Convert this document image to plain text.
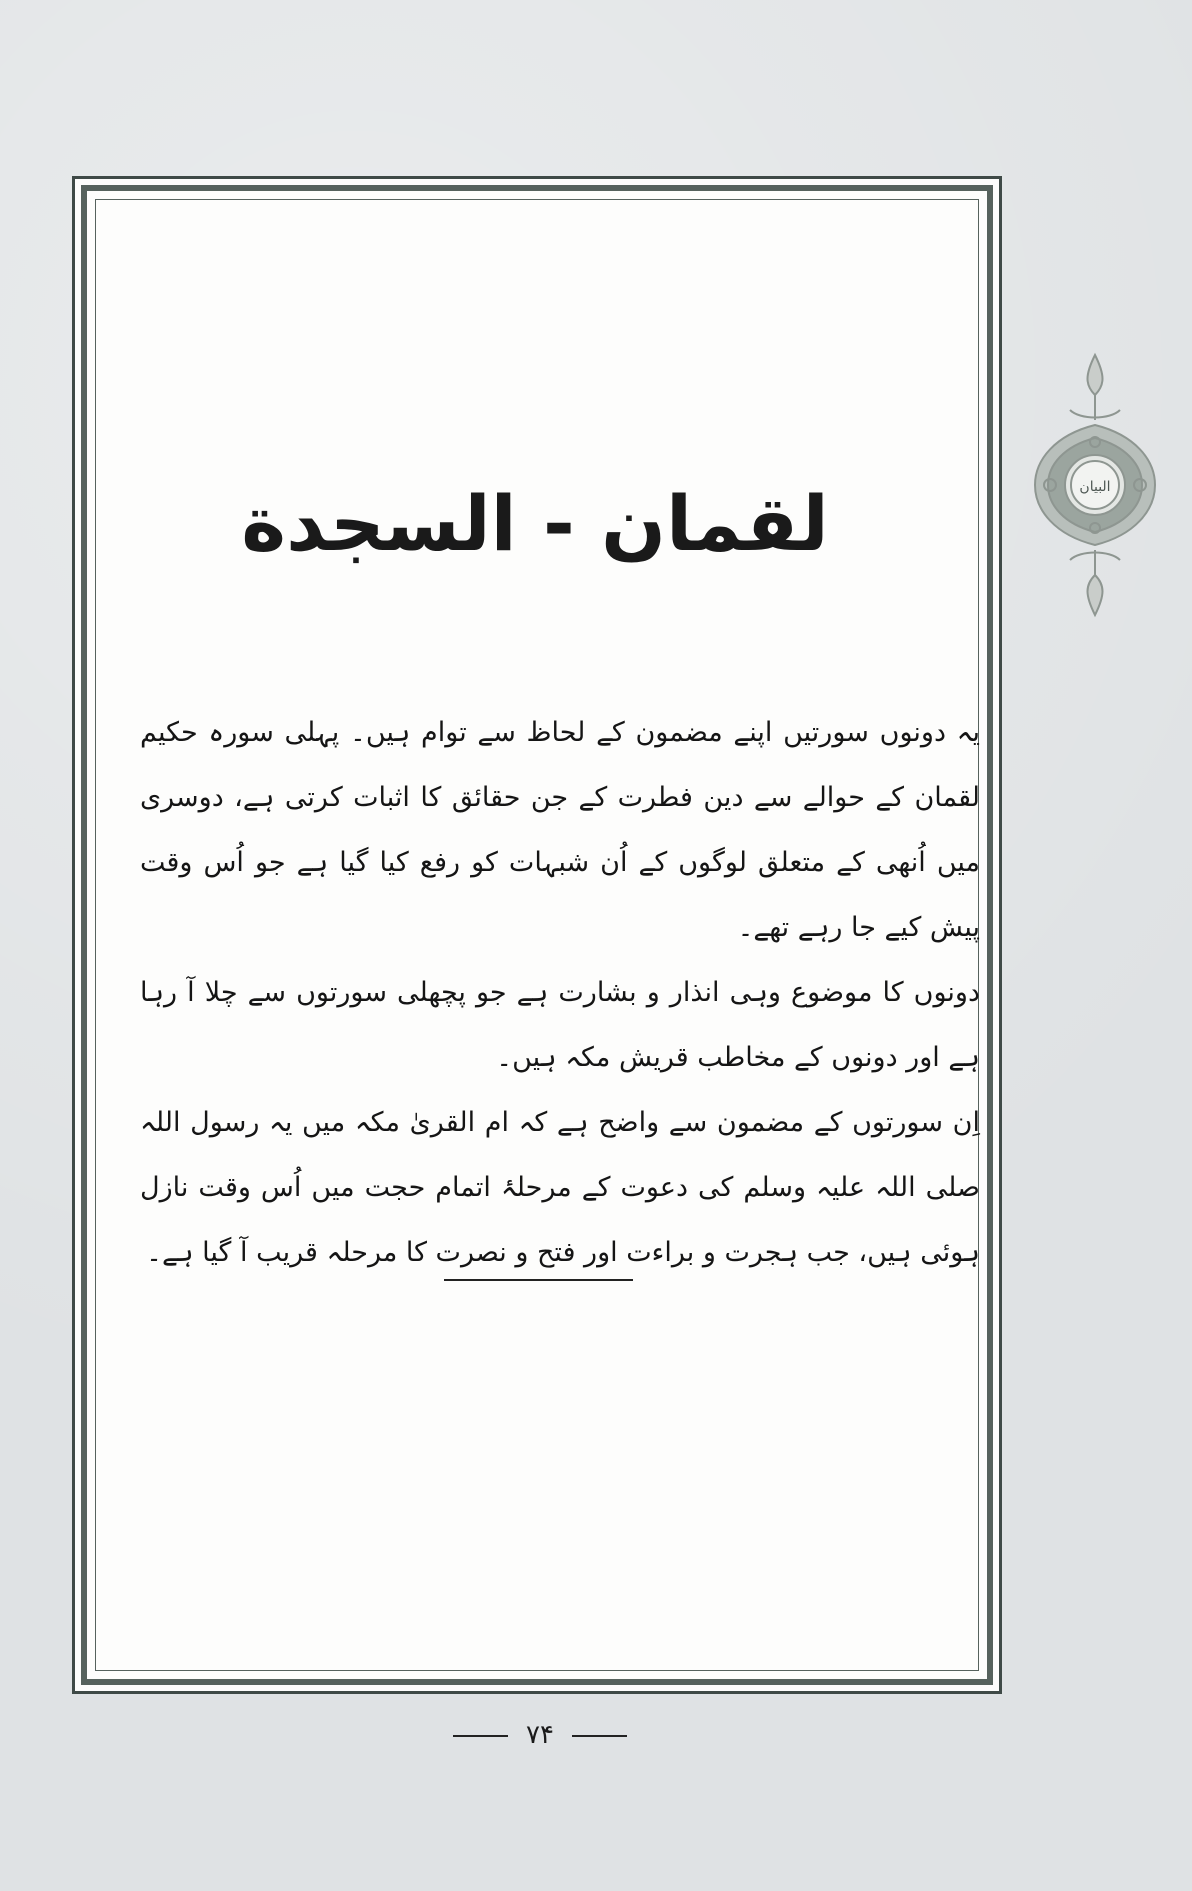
لقمان - السجدة

یہ دونوں سورتیں اپنے مضمون کے لحاظ سے توام ہیں۔ پہلی سورہ حکیم لقمان کے حوالے سے دین فطرت کے جن حقائق کا اثبات کرتی ہے، دوسری میں اُنھی کے متعلق لوگوں کے اُن شبہات کو رفع کیا گیا ہے جو اُس وقت پیش کیے جا رہے تھے۔

دونوں کا موضوع وہی انذار و بشارت ہے جو پچھلی سورتوں سے چلا آ رہا ہے اور دونوں کے مخاطب قریش مکہ ہیں۔

اِن سورتوں کے مضمون سے واضح ہے کہ ام القریٰ مکہ میں یہ رسول اللہ صلی اللہ علیہ وسلم کی دعوت کے مرحلۂ اتمام حجت میں اُس وقت نازل ہوئی ہیں، جب ہجرت و براءت اور فتح و نصرت کا مرحلہ قریب آ گیا ہے۔

۷۴
البیان
